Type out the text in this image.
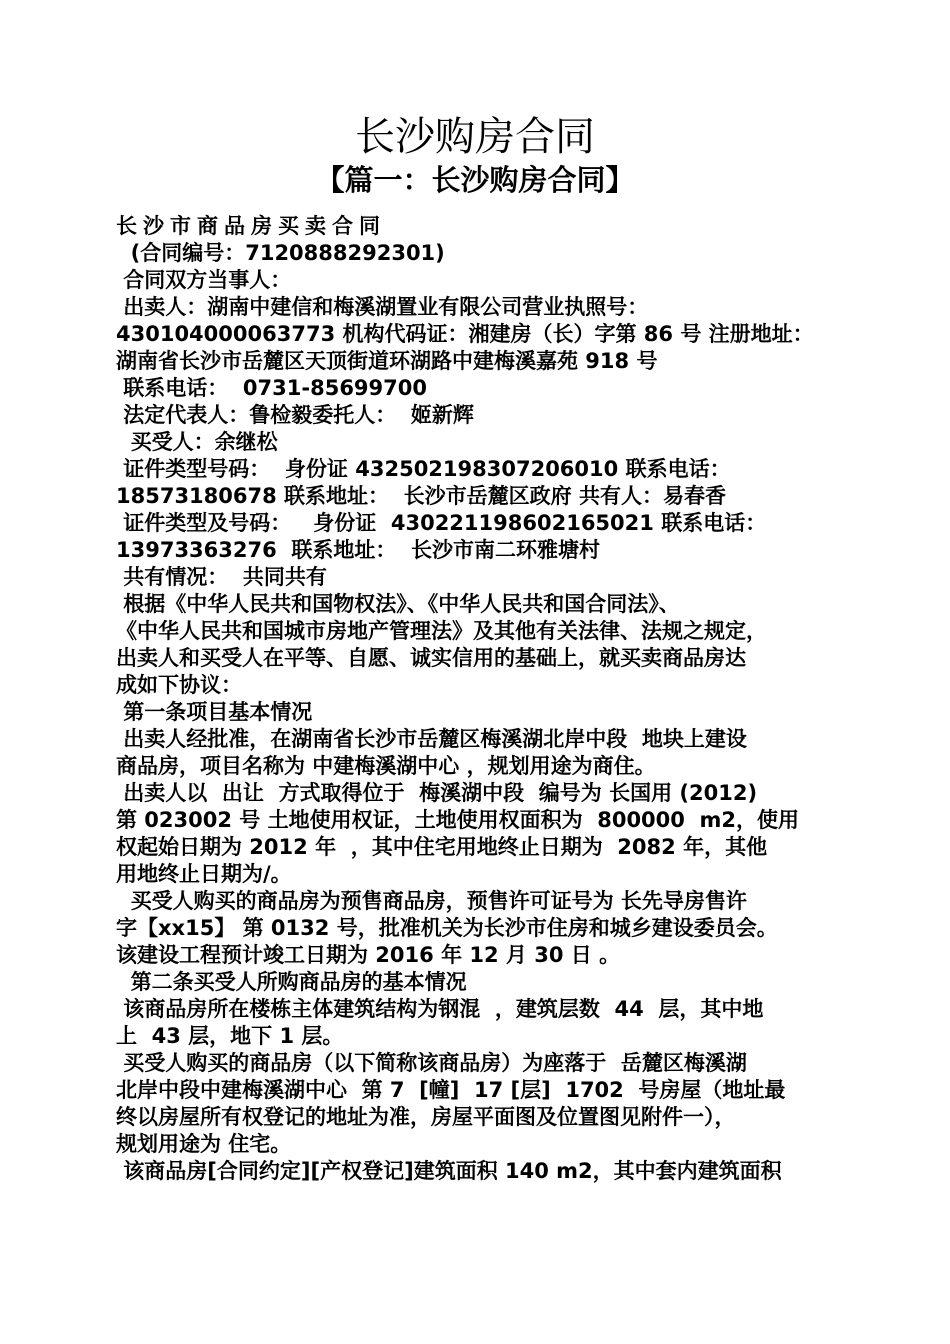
长沙购房合同
【篇一：长沙购房合同】
长沙市商品房买卖合同
(合同编号：7120888292301)
合同双方当事人：
出卖人：湖南中建信和梅溪湖置业有限公司营业执照号：
430104000063773 机构代码证：湘建房（长）字第 86 号 注册地址：
湖南省长沙市岳麓区天顶街道环湖路中建梅溪嘉苑 918 号
联系电话：  0731-85699700
法定代表人：鲁检毅委托人：  姬新辉
买受人：余继松
证件类型号码：  身份证 432502198307206010 联系电话：
18573180678 联系地址：  长沙市岳麓区政府 共有人：易春香
证件类型及号码：   身份证  430221198602165021 联系电话：
13973363276  联系地址：  长沙市南二环雅塘村
共有情况：  共同共有
根据《中华人民共和国物权法》、《中华人民共和国合同法》、
《中华人民共和国城市房地产管理法》及其他有关法律、法规之规定，
出卖人和买受人在平等、自愿、诚实信用的基础上，就买卖商品房达
成如下协议：
第一条项目基本情况
出卖人经批准，在湖南省长沙市岳麓区梅溪湖北岸中段  地块上建设
商品房，项目名称为 中建梅溪湖中心 ，规划用途为商住。
出卖人以  出让  方式取得位于  梅溪湖中段  编号为 长国用 (2012)
第 023002 号 土地使用权证，土地使用权面积为  800000  m2，使用
权起始日期为 2012 年  ，其中住宅用地终止日期为  2082 年，其他
用地终止日期为/。
买受人购买的商品房为预售商品房，预售许可证号为 长先导房售许
字【xx15】 第 0132 号，批准机关为长沙市住房和城乡建设委员会。
该建设工程预计竣工日期为 2016 年 12 月 30 日 。
第二条买受人所购商品房的基本情况
该商品房所在楼栋主体建筑结构为钢混  ，建筑层数  44  层，其中地
上  43 层，地下 1 层。
买受人购买的商品房（以下简称该商品房）为座落于  岳麓区梅溪湖
北岸中段中建梅溪湖中心  第 7  [幢]  17 [层]  1702  号房屋（地址最
终以房屋所有权登记的地址为准，房屋平面图及位置图见附件一），
规划用途为 住宅。
该商品房[合同约定][产权登记]建筑面积 140 m2，其中套内建筑面积
